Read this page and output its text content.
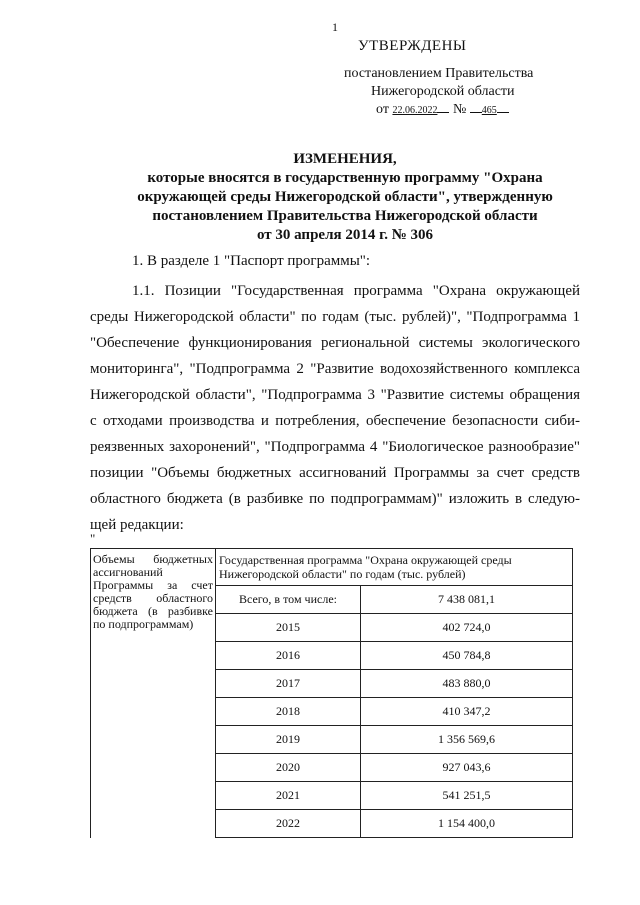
1
УТВЕРЖДЕНЫ
постановлением Правительства
Нижегородской области
от 22.06.2022 № 465
ИЗМЕНЕНИЯ,
которые вносятся в государственную программу "Охрана
окружающей среды Нижегородской области", утвержденную
постановлением Правительства Нижегородской области
от 30 апреля 2014 г. № 306
1. В разделе 1 "Паспорт программы":
1.1. Позиции "Государственная программа "Охрана окружающей
среды Нижегородской области" по годам (тыс. рублей)", "Подпрограмма 1
"Обеспечение функционирования региональной системы экологического
мониторинга", "Подпрограмма 2 "Развитие водохозяйственного комплекса
Нижегородской области", "Подпрограмма 3 "Развитие системы обращения
с отходами производства и потребления, обеспечение безопасности сиби-
реязвенных захоронений", "Подпрограмма 4 "Биологическое разнообразие"
позиции "Объемы бюджетных ассигнований Программы за счет средств
областного бюджета (в разбивке по подпрограммам)" изложить в следую-
щей редакции:
"
Объемы бюджетных ассигнований Программы за счет средств областного бюджета (в разбивке по подпрограммам)	Государственная программа "Охрана окружающей среды Нижегородской области" по годам (тыс. рублей)	
	Всего, в том числе:	7 438 081,1
	2015	402 724,0
	2016	450 784,8
	2017	483 880,0
	2018	410 347,2
	2019	1 356 569,6
	2020	927 043,6
	2021	541 251,5
	2022	1 154 400,0
